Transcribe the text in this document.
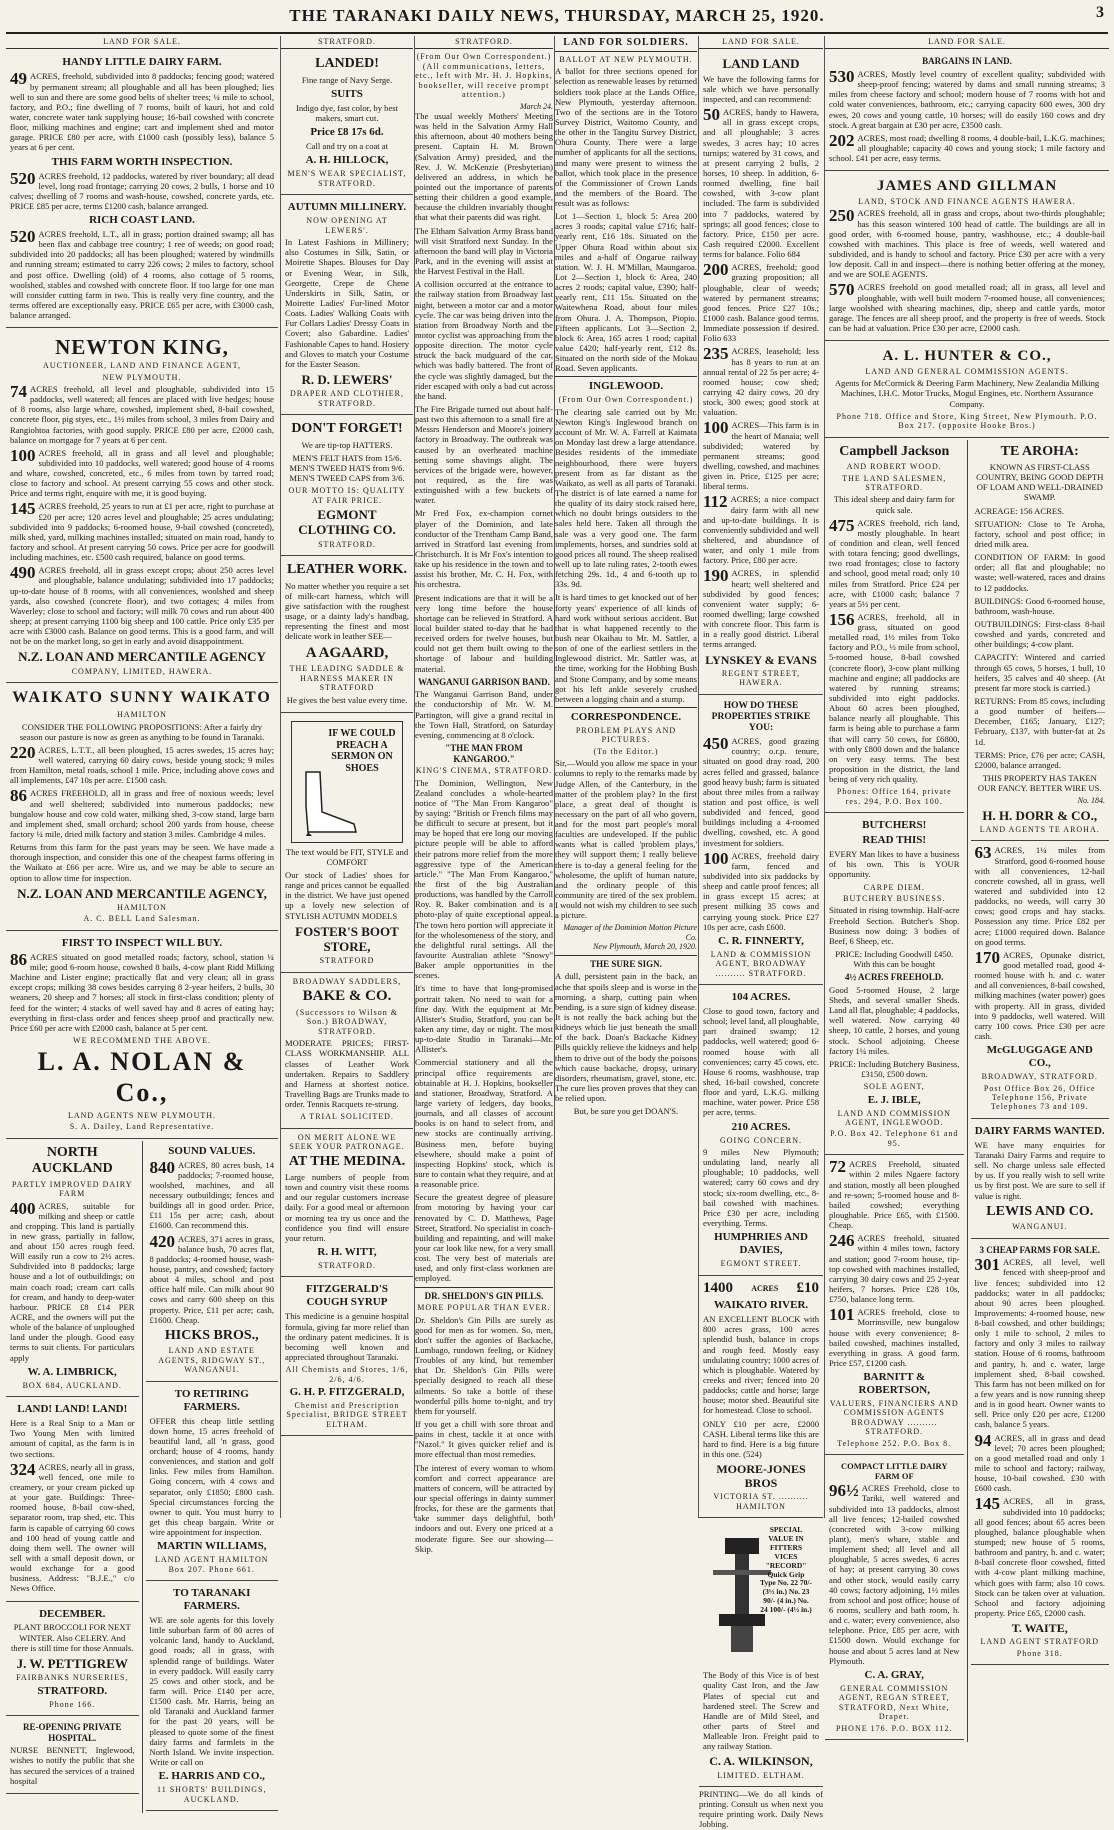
THE TARANAKI DAILY NEWS, THURSDAY, MARCH 25, 1920.	3
LAND FOR SALE.
HANDY LITTLE DAIRY FARM.
49 ACRES, freehold, subdivided into 8 paddocks; fencing good; watered by permanent stream; all ploughable and all has been ploughed; lies well to sun and there are some good belts of shelter trees; ¼ mile to school, factory, and P.O.; fine dwelling of 7 rooms, built of kauri, hot and cold water, concrete water tank supplying house; 16-bail cowshed with concrete floor, milking machines and engine; cart and implement shed and motor garage. PRICE £80 per acre, with £1000 cash (possibly less), balance 5 years at 6 per cent.
THIS FARM WORTH INSPECTION.
520 ACRES freehold, 12 paddocks, watered by river boundary; all dead level, long road frontage; carrying 20 cows, 2 bulls, 1 horse and 10 calves; dwelling of 7 rooms and wash-house, cowshed, concrete yards, etc. PRICE £85 per acre, terms £1200 cash, balance arranged.
RICH COAST LAND.
520 ACRES freehold, L.T., all in grass; portion drained swamp; all has been flax and cabbage tree country; 1 ree of weeds; on good road; subdivided into 20 paddocks; all has been ploughed; watered by windmills and running stream; estimated to carry 226 cows; 2 miles to factory, school and post office. Dwelling (old) of 4 rooms, also cottage of 5 rooms, woolshed, stables and cowshed with concrete floor. If too large for one man will consider cutting farm in two. This is really very fine country, and the terms offered are exceptionally easy. PRICE £65 per acre, with £3000 cash, balance arranged.
NEWTON KING,
AUCTIONEER, LAND AND FINANCE AGENT,
NEW PLYMOUTH.
74 ACRES freehold, all level and ploughable, subdivided into 15 paddocks, well watered; all fences are placed with live hedges; house of 8 rooms, also large whare, cowshed, implement shed, 8-bail cowshed, concrete floor, pig styes, etc., 1½ miles from school, 3 miles from Dairy and Rangiohtoa factories, with good supply. PRICE £80 per acre, £2000 cash, balance on mortgage for 7 years at 6 per cent.
100 ACRES freehold, all in grass and all level and ploughable; subdivided into 10 paddocks, well watered; good house of 4 rooms and whare, cowshed, concreted, etc., 6 miles from town by tarred road; close to factory and school. At present carrying 55 cows and other stock. Price and terms right, enquire with me, it is good buying.
145 ACRES freehold, 25 years to run at £1 per acre, right to purchase at £20 per acre; 120 acres level and ploughable; 25 acres undulating; subdivided into 9 paddocks; 6-roomed house, 9-bail cowshed (concreted), milk shed, yard, milking machines installed; situated on main road, handy to factory and school. At present carrying 50 cows. Price per acre for goodwill including machines, etc. £500 cash required, balance on good terms.
490 ACRES freehold, all in grass except crops; about 250 acres level and ploughable, balance undulating; subdivided into 17 paddocks; up-to-date house of 8 rooms, with all conveniences, woolshed and sheep yards, also cowshed (concrete floor), and two cottages; 4 miles from Waverley; close to school and factory; will milk 70 cows and run about 400 sheep; at present carrying 1100 big sheep and 100 cattle. Price only £35 per acre with £3000 cash. Balance on good terms. This is a good farm, and will not be on the market long, so get in early and avoid disappointment.
N.Z. LOAN AND MERCANTILE AGENCY
COMPANY, LIMITED, HAWERA.
WAIKATO SUNNY WAIKATO
HAMILTON
CONSIDER THE FOLLOWING PROPOSITIONS: After a fairly dry season our pasture is now as green as anything to be found in Taranaki.
220 ACRES, L.T.T., all been ploughed, 15 acres swedes, 15 acres hay; well watered, carrying 60 dairy cows, beside young stock; 9 miles from Hamilton, metal roads, school 1 mile. Price, including above cows and all implements, £47 10s per acre. £1500 cash.
86 ACRES FREEHOLD, all in grass and free of noxious weeds; level and well sheltered; subdivided into numerous paddocks; new bungalow house and cow cold water, milking shed, 3-cow stand, large barn and implement shed, small orchard; school 200 yards from house, cheese factory ¼ mile, dried milk factory and station 3 miles. Cambridge 4 miles.
Returns from this farm for the past years may be seen. We have made a thorough inspection, and consider this one of the cheapest farms offering in the Waikato at £66 per acre. Wire us, and we may be able to secure an option to allow time for inspection.
N.Z. LOAN AND MERCANTILE AGENCY,
HAMILTON
A. C. BELL Land Salesman.
FIRST TO INSPECT WILL BUY.
86 ACRES situated on good metalled roads; factory, school, station ¼ mile; good 6-room house, cowshed 8 bails, 4-cow plant Ridd Milking Machine and Lister engine; practically flat and very clean; all in grass except crops; milking 38 cows besides carrying 8 2-year heifers, 2 bulls, 30 weaners, 20 sheep and 7 horses; all stock in first-class condition; plenty of feed for the winter; 4 stacks of well saved hay and 8 acres of eating hay; everything in first-class order and fences sheep proof and practically new. Price £60 per acre with £2000 cash, balance at 5 per cent.
WE RECOMMEND THE ABOVE.
L. A. NOLAN & Co.,
LAND AGENTS NEW PLYMOUTH.
S. A. Dailey, Land Representative.
NORTH AUCKLAND
PARTLY IMPROVED DAIRY FARM
400 ACRES, suitable for milking and sheep or cattle and cropping. This land is partially in new grass, partially in fallow, and about 150 acres rough feed. Will easily run a cow to 2½ acres. Subdivided into 8 paddocks; large house and a lot of outbuildings; on main coach road; cream cart calls for cream, and handy to deep-water harbour. PRICE £8 £14 PER ACRE, and the owners will put the whole of the balance of unploughed land under the plough. Good easy terms to suit clients. For particulars apply
W. A. LIMBRICK,
BOX 684, AUCKLAND.
LAND! LAND! LAND!
Here is a Real Snip to a Man or Two Young Men with limited amount of capital, as the farm is in two sections.
324 ACRES, nearly all in grass, well fenced, one mile to creamery, or your cream picked up at your gate. Buildings: Three-roomed house, 8-bail cow-shed, separator room, trap shed, etc. This farm is capable of carrying 60 cows and 100 head of young cattle and doing them well. The owner will sell with a small deposit down, or would exchange for a good business. Address: "B.J.E.," c/o News Office.
DECEMBER.
PLANT BROCCOLI FOR NEXT WINTER. Also CELERY. And there is still time for those Annuals.
J. W. PETTIGREW
FAIRBANKS NURSERIES,
STRATFORD.
Phone 166.
RE-OPENING PRIVATE HOSPITAL.
NURSE BENNETT, Inglewood, wishes to notify the public that she has secured the services of a trained hospital
SOUND VALUES.
840 ACRES, 80 acres bush, 14 paddocks; 7-roomed house, woolshed, machines, and all necessary outbuildings; fences and buildings all in good order. Price, £11 15s per acre; cash, about £1600. Can recommend this.
420 ACRES, 371 acres in grass, balance bush, 70 acres flat, 8 paddocks; 4-roomed house, wash-house, pantry, and cowshed; factory about 4 miles, school and post office half mile. Can milk about 90 cows and carry 600 sheep on this property. Price, £11 per acre; cash, £1600. Cheap.
HICKS BROS.,
LAND AND ESTATE AGENTS, RIDGWAY ST., WANGANUI.
TO RETIRING FARMERS.
OFFER this cheap little settling down home, 15 acres freehold of beautiful land, all 'n grass, good orchard; house of 4 rooms, handy conveniences, and station and golf links. Few miles from Hamilton. Going concern, with 4 cows and separator, only £1850; £800 cash. Special circumstances forcing the owner to quit. You must hurry to get this cheap bargain. Write or wire appointment for inspection.
MARTIN WILLIAMS,
LAND AGENT HAMILTON Box 207. Phone 661.
TO TARANAKI FARMERS.
WE are sole agents for this lovely little suburban farm of 80 acres of volcanic land, handy to Auckland, good roads; all in grass, with splendid range of buildings. Water in every paddock. Will easily carry 25 cows and other stock, and be farm will. Price £140 per acre, £1500 cash. Mr. Harris, being an old Taranaki and Auckland farmer for the past 20 years, will be pleased to quote some of the finest dairy farms and farmlets in the North Island. We invite inspection. Write or call on
E. HARRIS AND CO.,
11 SHORTS' BUILDINGS, AUCKLAND.
STRATFORD.
LANDED!
Fine range of Navy Serge.
SUITS
Indigo dye, fast color, by best makers, smart cut.
Price £8 17s 6d.
Call and try on a coat at
A. H. HILLOCK,
MEN'S WEAR SPECIALIST, STRATFORD.
AUTUMN MILLINERY.
NOW OPENING AT LEWERS'.
In Latest Fashions in Millinery; also Costumes in Silk, Satin, or Moirette Shapes. Blouses for Day or Evening Wear, in Silk, Georgette, Crepe de Chene Underskirts in Silk, Satin, or Moirette Ladies' Fur-lined Motor Coats. Ladies' Walking Coats with Fur Collars Ladies' Dressy Coats in Covert; also Gabardine. Ladies' Fashionable Capes to hand. Hosiery and Gloves to match your Costume for the Easter Season.
R. D. LEWERS'
DRAPER AND CLOTHIER, STRATFORD.
DON'T FORGET!
We are tip-top HATTERS.
MEN'S FELT HATS from 15/6. MEN'S TWEED HATS from 9/6. MEN'S TWEED CAPS from 3/6.
OUR MOTTO IS: QUALITY AT FAIR PRICE.
EGMONT CLOTHING CO.
STRATFORD.
LEATHER WORK.
No matter whether you require a set of milk-cart harness, which will give satisfaction with the roughest usage, or a dainty lady's handbag, representing the finest and most delicate work in leather SEE—
A AGAARD,
THE LEADING SADDLE & HARNESS MAKER IN STRATFORD
He gives the best value every time.
IF WE COULD PREACH A SERMON ON SHOES
The text would be FIT, STYLE and COMFORT
Our stock of Ladies' shoes for range and prices cannot be equalled in the district. We have just opened up a lovely new selection of STYLISH AUTUMN MODELS
FOSTER'S BOOT STORE,
STRATFORD
BROADWAY SADDLERS,
BAKE & CO.
(Successors to Wilson & Son.) BROADWAY, STRATFORD.
MODERATE PRICES; FIRST-CLASS WORKMANSHIP. ALL classes of Leather Work undertaken. Repairs to Saddlery and Harness at shortest notice. Travelling Bags are Trunks made to order. Tennis Racquets re-strung.
A TRIAL SOLICITED.
ON MERIT ALONE WE SEEK YOUR PATRONAGE.
AT THE MEDINA.
Large numbers of people from town and country visit these rooms and our regular customers increase daily. For a good meal or afternoon or morning tea try us once and the confidence you find will ensure your return.
R. H. WITT,
STRATFORD.
FITZGERALD'S COUGH SYRUP
This medicine is a genuine hospital formula, giving far more relief than the ordinary patent medicines. It is becoming well known and appreciated throughout Taranaki.
All Chemists and Stores, 1/6, 2/6, 4/6.
G. H. P. FITZGERALD,
Chemist and Prescription Specialist, BRIDGE STREET ELTHAM.
STRATFORD.
(From Our Own Correspondent.) (All communications, letters, etc., left with Mr. H. J. Hopkins, bookseller, will receive prompt attention.)
March 24.
The usual weekly Mothers' Meeting was held in the Salvation Army Hall this afternoon, about 40 mothers being present. Captain H. M. Brown (Salvation Army) presided, and the Rev. J. W. McKenzie (Presbyterian) delivered an address, in which he pointed out the importance of parents setting their children a good example, because the children invariably thought that what their parents did was right.
The Eltham Salvation Army Brass band will visit Stratford next Sunday. In the afternoon the band will play in Victoria Park, and in the evening will assist at the Harvest Festival in the Hall.
A collision occurred at the entrance to the railway station from Broadway last night, between a motor car and a motor cycle. The car was being driven into the station from Broadway North and the motor cyclist was approaching from the opposite direction. The motor cycle struck the back mudguard of the car, which was badly battered. The front of the cycle was slightly damaged, but the rider escaped with only a bad cut across the hand.
The Fire Brigade turned out about half-past two this afternoon to a small fire at Messrs Henderson and Moore's joinery factory in Broadway. The outbreak was caused by an overheated machine setting some shavings alight. The services of the brigade were, however, not required, as the fire was extinguished with a few buckets of water.
Mr Fred Fox, ex-champion cornet player of the Dominion, and late conductor of the Trentham Camp Band, arrived in Stratford last evening from Christchurch. It is Mr Fox's intention to take up his residence in the town and to assist his brother, Mr. C. H. Fox, with his orchestra.
Present indications are that it will be a very long time before the house shortage can be relieved in Stratford. A local builder stated to-day that he had received orders for twelve houses, but could not get them built owing to the shortage of labour and building material.
WANGANUI GARRISON BAND.
The Wanganui Garrison Band, under the conductorship of Mr. W. M. Partington, will give a grand recital in the Town Hall, Stratford, on Saturday evening, commencing at 8 o'clock.
"THE MAN FROM KANGAROO."
KING'S CINEMA, STRATFORD.
The Dominion, Wellington, New Zealand concludes a whole-hearted notice of "The Man From Kangaroo" by saying: "British or French films may be difficult to secure at present, but it may be hoped that ere long our moving picture people will be able to afford their patrons more relief from the more aggressive type of the American article." "The Man From Kangaroo," the first of the big Australian productions, was handled by the Carroll Roy. R. Baker combination and is a photo-play of quite exceptional appeal. The town hero portion will appreciate it for the wholesomeness of the story, and the delightful rural settings. All the favourite Australian athlete "Snowy" Baker ample opportunities in the scenes.
It's time to have that long-promised portrait taken. No need to wait for a fine day. With the equipment at Mr. Allister's Studio, Stratford, you can be taken any time, day or night. The most up-to-date Studio in Taranaki—Mr. Allister's.
Commercial stationery and all the principal office requirements are obtainable at H. J. Hopkins, bookseller and stationer, Broadway, Stratford. A large variety of ledgers, day books, journals, and all classes of account books is on hand to select from, and new stocks are continually arriving. Business men, before buying elsewhere, should make a point of inspecting Hopkins' stock, which is sure to contain what they require, and at a reasonable price.
Secure the greatest degree of pleasure from motoring by having your car renovated by C. D. Matthews, Page Street, Stratford. No specialist in coach-building and repainting, and will make your car look like new, for a very small cost. The very best of materials are used, and only first-class workmen are employed.
DR. SHELDON'S GIN PILLS.
MORE POPULAR THAN EVER.
Dr. Sheldon's Gin Pills are surely as good for men as for women. So, men, don't suffer the agonies of Backache, Lumbago, rundown feeling, or Kidney Troubles of any kind, but remember that Dr. Sheldon's Gin Pills were specially designed to reach all these ailments. So take a bottle of these wonderful pills home to-night, and try them for yourself.
If you get a chill with sore throat and pains in chest, tackle it at once with "Nazol." It gives quicker relief and is more effectual than most remedies.
The interest of every woman to whom comfort and correct appearance are matters of concern, will be attracted by our special offerings in dainty summer frocks, for these are the garments that take summer days delightful, both indoors and out. Every one priced at a moderate figure. See our showing—Skip.
LAND FOR SOLDIERS.
BALLOT AT NEW PLYMOUTH.
A ballot for three sections opened for selection as renewable leases by returned soldiers took place at the Lands Office, New Plymouth, yesterday afternoon. Two of the sections are in the Totoro Survey District, Waitomo County, and the other in the Tangitu Survey District, Ohura County. There were a large number of applicants for all the sections, and many were present to witness the ballot, which took place in the presence of the Commissioner of Crown Lands and the members of the Board. The result was as follows:
Lot 1—Section 1, block 5: Area 200 acres 3 roods; capital value £716; half-yearly rent, £16 18s. Situated on the Upper Ohura Road within about six miles and a-half of Ongarue railway station. W. J. H. M'Millan, Maungaroa. Lot 2—Section 1, block 6: Area, 240 acres 2 roods; capital value, £390; half-yearly rent, £11 15s. Situated on the Waitewhena Road, about four miles from Ohura. J. A. Thompson, Piopio. Fifteen applicants. Lot 3—Section 2, block 6: Area, 165 acres 1 rood; capital value £420; half-yearly rent, £12 8s. Situated on the north side of the Mokau Road. Seven applicants.
INGLEWOOD.
(From Our Own Correspondent.)
The clearing sale carried out by Mr. Newton King's Inglewood branch on account of Mr. W. A. Farrell at Kaimata on Monday last drew a large attendance. Besides residents of the immediate neighbourhood, there were buyers present from as far distant as the Waikato, as well as all parts of Taranaki. The district is of late earned a name for the quality of its dairy stock raised here, which no doubt brings outsiders to the sales held here. Taken all through the sale was a very good one. The farm implements, horses, and sundries sold at good prices all round. The sheep realised well up to late ruling rates, 2-tooth ewes fetching 29s. 1d., 4 and 6-tooth up to 33s. 9d.
It is hard times to get knocked out of her forty years' experience of all kinds of hard work without serious accident. But that is what happened recently to the bush near Okaihau to Mr. M. Sattler, a son of one of the earliest settlers in the Inglewood district. Mr. Sattler was, at the time, working for the Hobbing Bush and Stone Company, and by some means got his left ankle severely crushed between a logging chain and a stump.
CORRESPONDENCE.
PROBLEM PLAYS AND PICTURES.
(To the Editor.)
Sir,—Would you allow me space in your columns to reply to the remarks made by Judge Allen, of the Canterbury, in the matter of the problem play? In the first place, a great deal of thought is necessary on the part of all who govern, and for the most part people's moral faculties are undeveloped. If the public wants what is called 'problem plays,' they will support them; I really believe there is to-day a general feeling for the wholesome, the uplift of human nature, and the ordinary people of this community are tired of the sex problem. I would not wish my children to see such a picture.
Manager of the Dominion Motion Picture Co.
New Plymouth, March 20, 1920.
THE SURE SIGN.
A dull, persistent pain in the back, an ache that spoils sleep and is worse in the morning, a sharp, cutting pain when bending, is a sure sign of kidney disease. It is not really the back aching but the kidneys which lie just beneath the small of the back. Doan's Backache Kidney Pills quickly relieve the kidneys and help them to drive out of the body the poisons which cause backache, dropsy, urinary disorders, rheumatism, gravel, stone, etc. The cure lies proven proves that they can be relied upon.
But, be sure you get DOAN'S.
LAND FOR SALE.
LAND LAND
We have the following farms for sale which we have personally inspected, and can recommend:
50 ACRES, handy to Hawera, all in grass except crops, and all ploughable; 3 acres swedes, 3 acres hay; 10 acres turnips; watered by 31 cows, and at present carrying 2 bulls, 2 horses, 10 sheep. In addition, 6-roomed dwelling, fine bail cowshed, with 3-cow plant included. The farm is subdivided into 7 paddocks, watered by springs; all good fences; close to factory. Price, £150 per acre. Cash required £2000. Excellent terms for balance. Folio 684
200 ACRES, freehold; good grazing proposition; all ploughable, clear of weeds; watered by permanent streams; good fences. Price £27 10s.; £1000 cash. Balance good terms. Immediate possession if desired. Folio 633
235 ACRES, leasehold; less has 8 years to run at an annual rental of 22 5s per acre; 4-roomed house; cow shed; carrying 42 dairy cows, 20 dry stock, 300 ewes; good stock at valuation.
100 ACRES—This farm is in the heart of Manaia; well subdivided; watered by permanent streams; good dwelling, cowshed, and machines given in. Price, £125 per acre; liberal terms.
112 ACRES; a nice compact dairy farm with all new and up-to-date buildings. It is conveniently subdivided and well sheltered, and abundance of water, and only 1 mile from factory. Price, £80 per acre.
190 ACRES, in splendid heart; well sheltered and subdivided by good fences; convenient water supply; 6-roomed dwelling; large cowshed with concrete floor. This farm is in a really good district. Liberal terms arranged.
LYNSKEY & EVANS
REGENT STREET, HAWERA.
HOW DO THESE PROPERTIES STRIKE YOU:
450 ACRES, good grazing country; o.r.p. tenure, situated on good dray road, 200 acres felled and grassed, balance good heavy bush; farm is situated about three miles from a railway station and post office, is well subdivided and fenced, good buildings including a 4-roomed dwelling, cowshed, etc. A good investment for soldiers.
100 ACRES, freehold dairy farm, fenced and subdivided into six paddocks by sheep and cattle proof fences; all in grass except 15 acres; at present milking 35 cows and carrying young stock. Price £27 10s per acre, cash £600.
C. R. FINNERTY,
LAND & COMMISSION AGENT, BROADWAY .......... STRATFORD.
104 ACRES.
Close to good town, factory and school; level land, all ploughable, part drained swamp; 12 paddocks, well watered; good 6-roomed house with all conveniences; carry 45 cows, etc. House 6 rooms, washhouse, trap shed, 16-bail cowshed, concrete floor and yard, L.K.G. milking machine, water power. Price £58 per acre, terms.
210 ACRES.
GOING CONCERN.
9 miles New Plymouth; undulating land, nearly all ploughable; 10 paddocks, well watered; carry 60 cows and dry stock; six-room dwelling, etc., 8-bail cowshed with machines. Price £30 per acre, including everything. Terms.
HUMPHRIES AND DAVIES,
EGMONT STREET.
1400 ACRES £10
WAIKATO RIVER.
AN EXCELLENT BLOCK with 800 acres grass, 100 acres splendid bush, balance in crops and rough feed. Mostly easy undulating country; 1000 acres of which is ploughable. Watered by creeks and river; fenced into 20 paddocks; cattle and horse; large house; motor shed. Beautiful site for homestead. Close to school.
ONLY £10 per acre, £2000 CASH. Liberal terms like this are hard to find. Here is a big future in this one. (524)
MOORE-JONES BROS
VICTORIA ST. .......... HAMILTON
SPECIAL VALUE IN FITTERS VICES "RECORD" Quick Grip Type No. 22 70/- (3½ in.) No. 23 90/- (4 in.) No. 24 100/- (4½ in.)
The Body of this Vice is of best quality Cast Iron, and the Jaw Plates of special cut and hardened steel. The Screw and Handle are of Mild Steel, and other parts of Steel and Malleable Iron. Freight paid to any railway Station.
C. A. WILKINSON,
LIMITED. ELTHAM.
PRINTING—We do all kinds of printing. Consult us when next you require printing work. Daily News Jobbing.
LAND FOR SALE.
BARGAINS IN LAND.
530 ACRES, Mostly level country of excellent quality; subdivided with sheep-proof fencing; watered by dams and small running streams; 3 miles from cheese factory and school; modern house of 7 rooms with hot and cold water conveniences, bathroom, etc.; carrying capacity 600 ewes, 300 dry ewes, 20 cows and young cattle, 10 horses; will do easily 160 cows and dry stock. A great bargain at £30 per acre, £3500 cash.
202 ACRES, most road; dwelling 8 rooms, 4 double-bail, L.K.G. machines; all ploughable; capacity 40 cows and young stock; 1 mile factory and school. £41 per acre, easy terms.
JAMES AND GILLMAN
LAND, STOCK AND FINANCE AGENTS HAWERA.
250 ACRES freehold, all in grass and crops, about two-thirds ploughable; has this season wintered 100 head of cattle. The buildings are all in good order, with 6-roomed house, pantry, washhouse, etc.; 4 double-bail cowshed with machines. This place is free of weeds, well watered and subdivided, and is handy to school and factory. Price £30 per acre with a very low deposit. Call in and inspect—there is nothing better offering at the money, and we are SOLE AGENTS.
570 ACRES freehold on good metalled road; all in grass, all level and ploughable, with well built modern 7-roomed house, all conveniences; large woolshed with shearing machines, dip, sheep and cattle yards, motor garage. The fences are all sheep proof, and the property is free of weeds. Stock can be had at valuation. Price £30 per acre, £2000 cash.
A. L. HUNTER & CO.,
LAND AND GENERAL COMMISSION AGENTS.
Agents for McCormick & Deering Farm Machinery, New Zealandia Milking Machines, I.H.C. Motor Trucks, Mogul Engines, etc. Northern Assurance Company.
Phone 718. Office and Store, King Street, New Plymouth. P.O. Box 217. (opposite Hooke Bros.)
Campbell Jackson
AND ROBERT WOOD.
THE LAND SALESMEN, STRATFORD.
This ideal sheep and dairy farm for quick sale.
475 ACRES freehold, rich land, mostly ploughable. In heart of condition and clean, well fenced with totara fencing; good dwellings, two road frontages; close to factory and school, good metal road; only 10 miles from Stratford. Price £24 per acre, with £1000 cash; balance 7 years at 5½ per cent.
156 ACRES, freehold, all in grass, situated on good metalled road, 1½ miles from Toko factory and P.O., ½ mile from school, 5-roomed house, 8-bail cowshed (concrete floor), 3-cow plant milking machine and engine; all paddocks are watered by running streams; subdivided into eight paddocks. About 60 acres been ploughed, balance nearly all ploughable. This farm is being able to purchase a farm that will carry 50 cows, for £6800, with only £800 down and the balance on very easy terms. The best proposition in the district, the land being of very rich quality.
Phones: Office 164, private res. 294, P.O. Box 100.
BUTCHERS!
READ THIS!
EVERY Man likes to have a business of his own. This is YOUR opportunity.
CARPE DIEM.
BUTCHERY BUSINESS.
Situated in rising township. Half-acre Freehold Section. Butcher's Shop. Business now doing: 3 bodies of Beef, 6 Sheep, etc.
PRICE: Including Goodwill £450. With this can be bought
4½ ACRES FREEHOLD.
Good 5-roomed House, 2 large Sheds, and several smaller Sheds. Land all flat, ploughable; 4 paddocks, well watered. Now carrying 40 sheep, 10 cattle, 2 horses, and young stock. School adjoining. Cheese factory 1¼ miles.
PRICE: Including Butchery Business, £3150, £500 down.
SOLE AGENT,
E. J. IBLE,
LAND AND COMMISSION AGENT, INGLEWOOD.
P.O. Box 42. Telephone 61 and 95.
72 ACRES Freehold, situated within 2 miles Ngaere factory and station, mostly all been ploughed and re-sown; 5-roomed house and 8-bailed cowshed; everything ploughable. Price £65, with £1500. Cheap.
246 ACRES freehold, situated within 4 miles town, factory and station; good 7-room house, tip-top cowshed with machines installed, carrying 30 dairy cows and 25 2-year heifers, 7 horses. Price £28 10s, £750, balance long term.
101 ACRES freehold, close to Morrinsville, new bungalow house with every convenience; 8-bailed cowshed, machines installed, everything in grass. A good farm. Price £57, £1200 cash.
BARNITT & ROBERTSON,
VALUERS, FINANCIERS AND COMMISSION AGENTS BROADWAY .......... STRATFORD.
Telephone 252. P.O. Box 8.
COMPACT LITTLE DAIRY FARM OF
96½ ACRES Freehold, close to Tariki, well watered and subdivided into 13 paddocks, almost all live fences; 12-bailed cowshed (concreted with 3-cow milking plant), men's whare, stable and implement shed; all level and all ploughable, 5 acres swedes, 6 acres of hay; at present carrying 30 cows and other stock, would easily carry 40 cows; factory adjoining, 1½ miles from school and post office; house of 6 rooms, scullery and bath room, h. and c. water; every convenience, also telephone. Price, £85 per acre, with £1500 down. Would exchange for house and about 5 acres land at New Plymouth.
C. A. GRAY,
GENERAL COMMISSION AGENT, REGAN STREET, STRATFORD, Next White, Draper.
PHONE 176. P.O. BOX 112.
TE AROHA:
KNOWN AS FIRST-CLASS COUNTRY, BEING GOOD DEPTH OF LOAM AND WELL-DRAINED SWAMP.
ACREAGE: 156 ACRES.
SITUATION: Close to Te Aroha, factory, school and post office; in dried milk area.
CONDITION OF FARM: In good order; all flat and ploughable; no waste; well-watered, races and drains to 12 paddocks.
BUILDINGS: Good 6-roomed house, bathroom, wash-house.
OUTBUILDINGS: First-class 8-bail cowshed and yards, concreted and other buildings; 4-cow plant.
CAPACITY: Wintered and carried through 65 cows, 5 horses, 1 bull, 10 heifers, 35 calves and 40 sheep. (At present far more stock is carried.)
RETURNS: From 85 cows, including a good number of heifers—December, £165; January, £127; February, £137, with butter-fat at 2s 1d.
TERMS: Price, £76 per acre; CASH, £2000, balance arranged.
THIS PROPERTY HAS TAKEN OUR FANCY. BETTER WIRE US.
No. 184.
H. H. DORR & CO.,
LAND AGENTS TE AROHA.
63 ACRES, 1¼ miles from Stratford, good 6-roomed house with all conveniences, 12-bail concrete cowshed, all in grass, well watered and subdivided into 12 paddocks, no weeds, will carry 30 cows; good crops and hay stacks. Possession any time. Price £82 per acre; £1000 required down. Balance on good terms.
170 ACRES, Opunake district, good metalled road, good 4-roomed house with h. and c. water and all conveniences, 8-bail cowshed, milking machines (water power) goes with property. All in grass, divided into 9 paddocks, well watered. Will carry 100 cows. Price £30 per acre cash.
McGLUGGAGE AND CO.,
BROADWAY, STRATFORD.
Post Office Box 26, Office Telephone 156, Private Telephones 73 and 109.
DAIRY FARMS WANTED.
WE have many enquiries for Taranaki Dairy Farms and require to sell. No charge unless sale effected by us. If you really wish to sell write us by first post. We are sure to sell if value is right.
LEWIS AND CO.
WANGANUI.
3 CHEAP FARMS FOR SALE.
301 ACRES, all level, well fenced with sheep-proof and live fences; subdivided into 12 paddocks; water in all paddocks; about 90 acres been ploughed. Improvements: 4-roomed house, new 8-bail cowshed, and other buildings; only 1 mile to school, 2 miles to factory and only 3 miles to railway station. House of 6 rooms, bathroom and pantry, h. and c. water, large implement shed, 8-bail cowshed. This farm has not been milked on for a few years and is now running sheep and is in good heart. Owner wants to sell. Price only £20 per acre, £1200 cash, balance 5 years.
94 ACRES, all in grass and dead level; 70 acres been ploughed; on a good metalled road and only 1 mile to school and factory; railway, house, 10-bail cowshed. £30 with £600 cash.
145 ACRES, all in grass, subdivided into 10 paddocks; all good fences; about 65 acres been ploughed, balance ploughable when stumped; new house of 5 rooms, bathroom and pantry, h. and c. water; 8-bail concrete floor cowshed, fitted with 4-cow plant milking machine, which goes with farm; also 10 cows. Stock can be taken over at valuation. School and factory adjoining property. Price £65, £2000 cash.
T. WAITE,
LAND AGENT STRATFORD
Phone 318.
